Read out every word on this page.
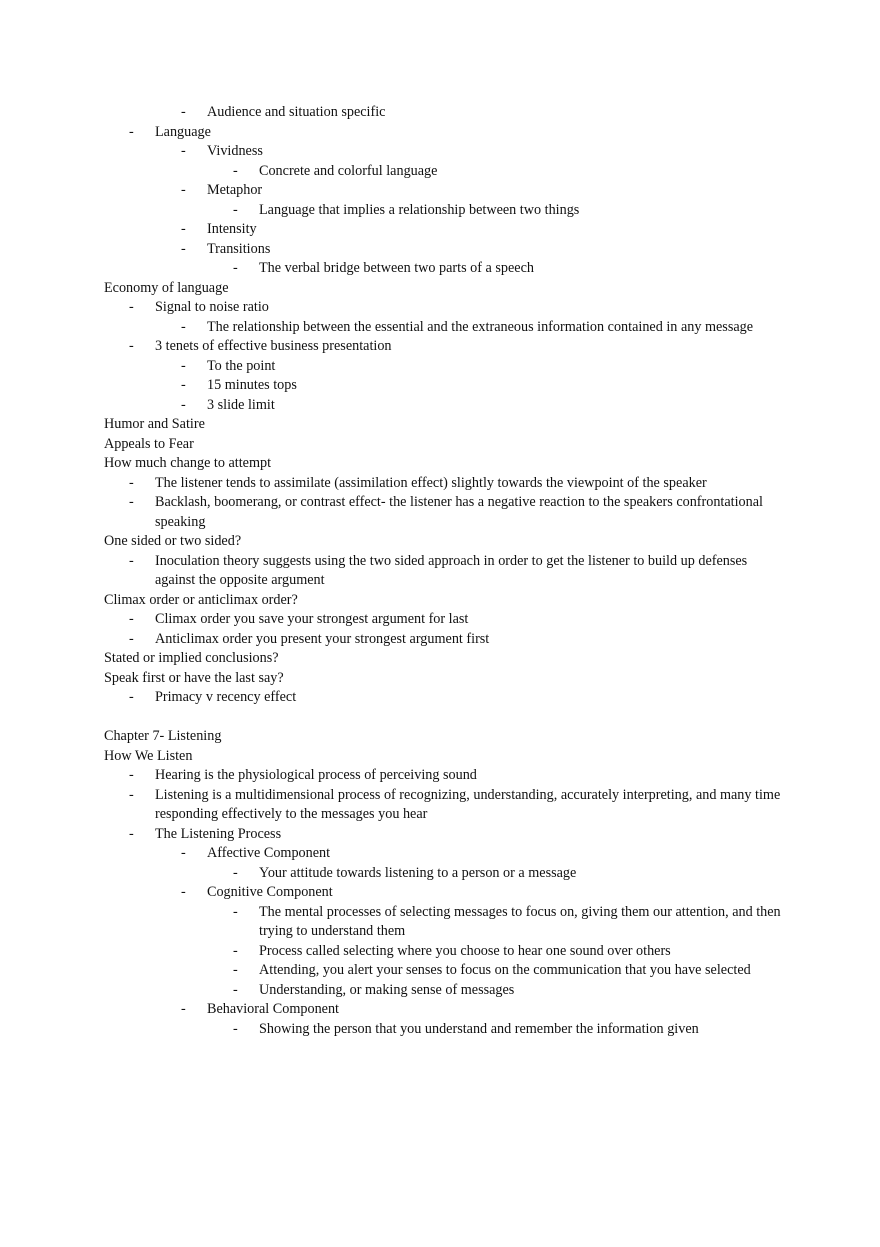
- Audience and situation specific
- Language
- Vividness
- Concrete and colorful language
- Metaphor
- Language that implies a relationship between two things
- Intensity
- Transitions
- The verbal bridge between two parts of a speech
Economy of language
- Signal to noise ratio
- The relationship between the essential and the extraneous information contained in any message
- 3 tenets of effective business presentation
- To the point
- 15 minutes tops
- 3 slide limit
Humor and Satire
Appeals to Fear
How much change to attempt
- The listener tends to assimilate (assimilation effect) slightly towards the viewpoint of the speaker
- Backlash, boomerang, or contrast effect- the listener has a negative reaction to the speakers confrontational speaking
One sided or two sided?
- Inoculation theory suggests using the two sided approach in order to get the listener to build up defenses against the opposite argument
Climax order or anticlimax order?
- Climax order you save your strongest argument for last
- Anticlimax order you present your strongest argument first
Stated or implied conclusions?
Speak first or have the last say?
- Primacy v recency effect
Chapter 7- Listening
How We Listen
- Hearing is the physiological process of perceiving sound
- Listening is a multidimensional process of recognizing, understanding, accurately interpreting, and many time responding effectively to the messages you hear
- The Listening Process
- Affective Component
- Your attitude towards listening to a person or a message
- Cognitive Component
- The mental processes of selecting messages to focus on, giving them our attention, and then trying to understand them
- Process called selecting where you choose to hear one sound over others
- Attending, you alert your senses to focus on the communication that you have selected
- Understanding, or making sense of messages
- Behavioral Component
- Showing the person that you understand and remember the information given
